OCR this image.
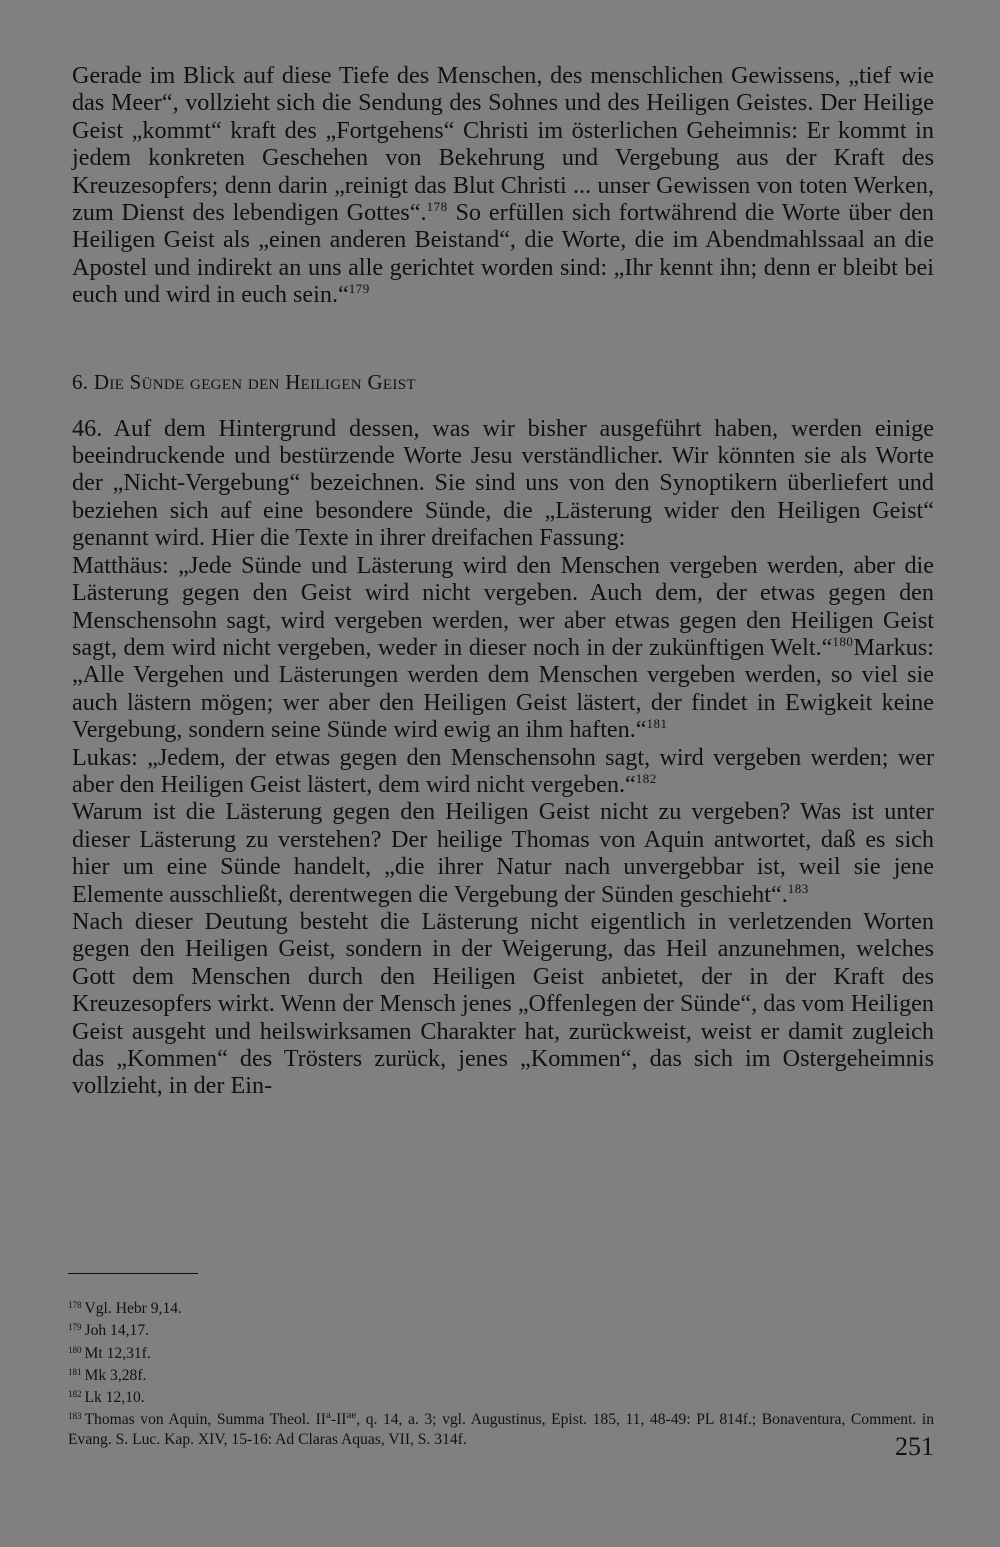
Gerade im Blick auf diese Tiefe des Menschen, des menschlichen Gewissens, „tief wie das Meer“, vollzieht sich die Sendung des Sohnes und des Heiligen Geistes. Der Heilige Geist „kommt“ kraft des „Fortgehens“ Christi im österlichen Geheimnis: Er kommt in jedem konkreten Geschehen von Bekehrung und Vergebung aus der Kraft des Kreuzesopfers; denn darin „reinigt das Blut Christi ... unser Gewissen von toten Werken, zum Dienst des lebendigen Gottes“.$^{178}$ So erfüllen sich fortwährend die Worte über den Heiligen Geist als „einen anderen Beistand“, die Worte, die im Abendmahlssaal an die Apostel und indirekt an uns alle gerichtet worden sind: „Ihr kennt ihn; denn er bleibt bei euch und wird in euch sein.“$^{179}$

6. Die Sünde gegen den Heiligen Geist

46. Auf dem Hintergrund dessen, was wir bisher ausgeführt haben, werden einige beeindruckende und bestürzende Worte Jesu verständlicher. Wir könnten sie als Worte der „Nicht-Vergebung“ bezeichnen. Sie sind uns von den Synoptikern überliefert und beziehen sich auf eine besondere Sünde, die „Lästerung wider den Heiligen Geist“ genannt wird. Hier die Texte in ihrer dreifachen Fassung:

Matthäus: „Jede Sünde und Lästerung wird den Menschen vergeben werden, aber die Lästerung gegen den Geist wird nicht vergeben. Auch dem, der etwas gegen den Menschensohn sagt, wird vergeben werden, wer aber etwas gegen den Heiligen Geist sagt, dem wird nicht vergeben, weder in dieser noch in der zukünftigen Welt.“$^{180}$Markus: „Alle Vergehen und Lästerungen werden dem Menschen vergeben werden, so viel sie auch lästern mögen; wer aber den Heiligen Geist lästert, der findet in Ewigkeit keine Vergebung, sondern seine Sünde wird ewig an ihm haften.“$^{181}$

Lukas: „Jedem, der etwas gegen den Menschensohn sagt, wird vergeben werden; wer aber den Heiligen Geist lästert, dem wird nicht vergeben.“$^{182}$

Warum ist die Lästerung gegen den Heiligen Geist nicht zu vergeben? Was ist unter dieser Lästerung zu verstehen? Der heilige Thomas von Aquin antwortet, daß es sich hier um eine Sünde handelt, „die ihrer Natur nach unvergebbar ist, weil sie jene Elemente ausschließt, derentwegen die Vergebung der Sünden geschieht“.$^{183}$

Nach dieser Deutung besteht die Lästerung nicht eigentlich in verletzenden Worten gegen den Heiligen Geist, sondern in der Weigerung, das Heil anzunehmen, welches Gott dem Menschen durch den Heiligen Geist anbietet, der in der Kraft des Kreuzesopfers wirkt. Wenn der Mensch jenes „Offenlegen der Sünde“, das vom Heiligen Geist ausgeht und heilswirksamen Charakter hat, zurückweist, weist er damit zugleich das „Kommen“ des Trösters zurück, jenes „Kommen“, das sich im Ostergeheimnis vollzieht, in der Ein-

$^{178}$ Vgl. Hebr 9,14.

$^{179}$ Joh 14,17.

$^{180}$ Mt 12,31f.

$^{181}$ Mk 3,28f.

$^{182}$ Lk 12,10.

$^{183}$ Thomas von Aquin, Summa Theol. $II^a-II^{ae}$, q. 14, a. 3; vgl. Augustinus, Epist. 185, 11, 48-49: PL 814f.; Bonaventura, Comment. in Evang. S. Luc. Kap. XIV, 15-16: Ad Claras Aquas, VII, S. 314f.	251
